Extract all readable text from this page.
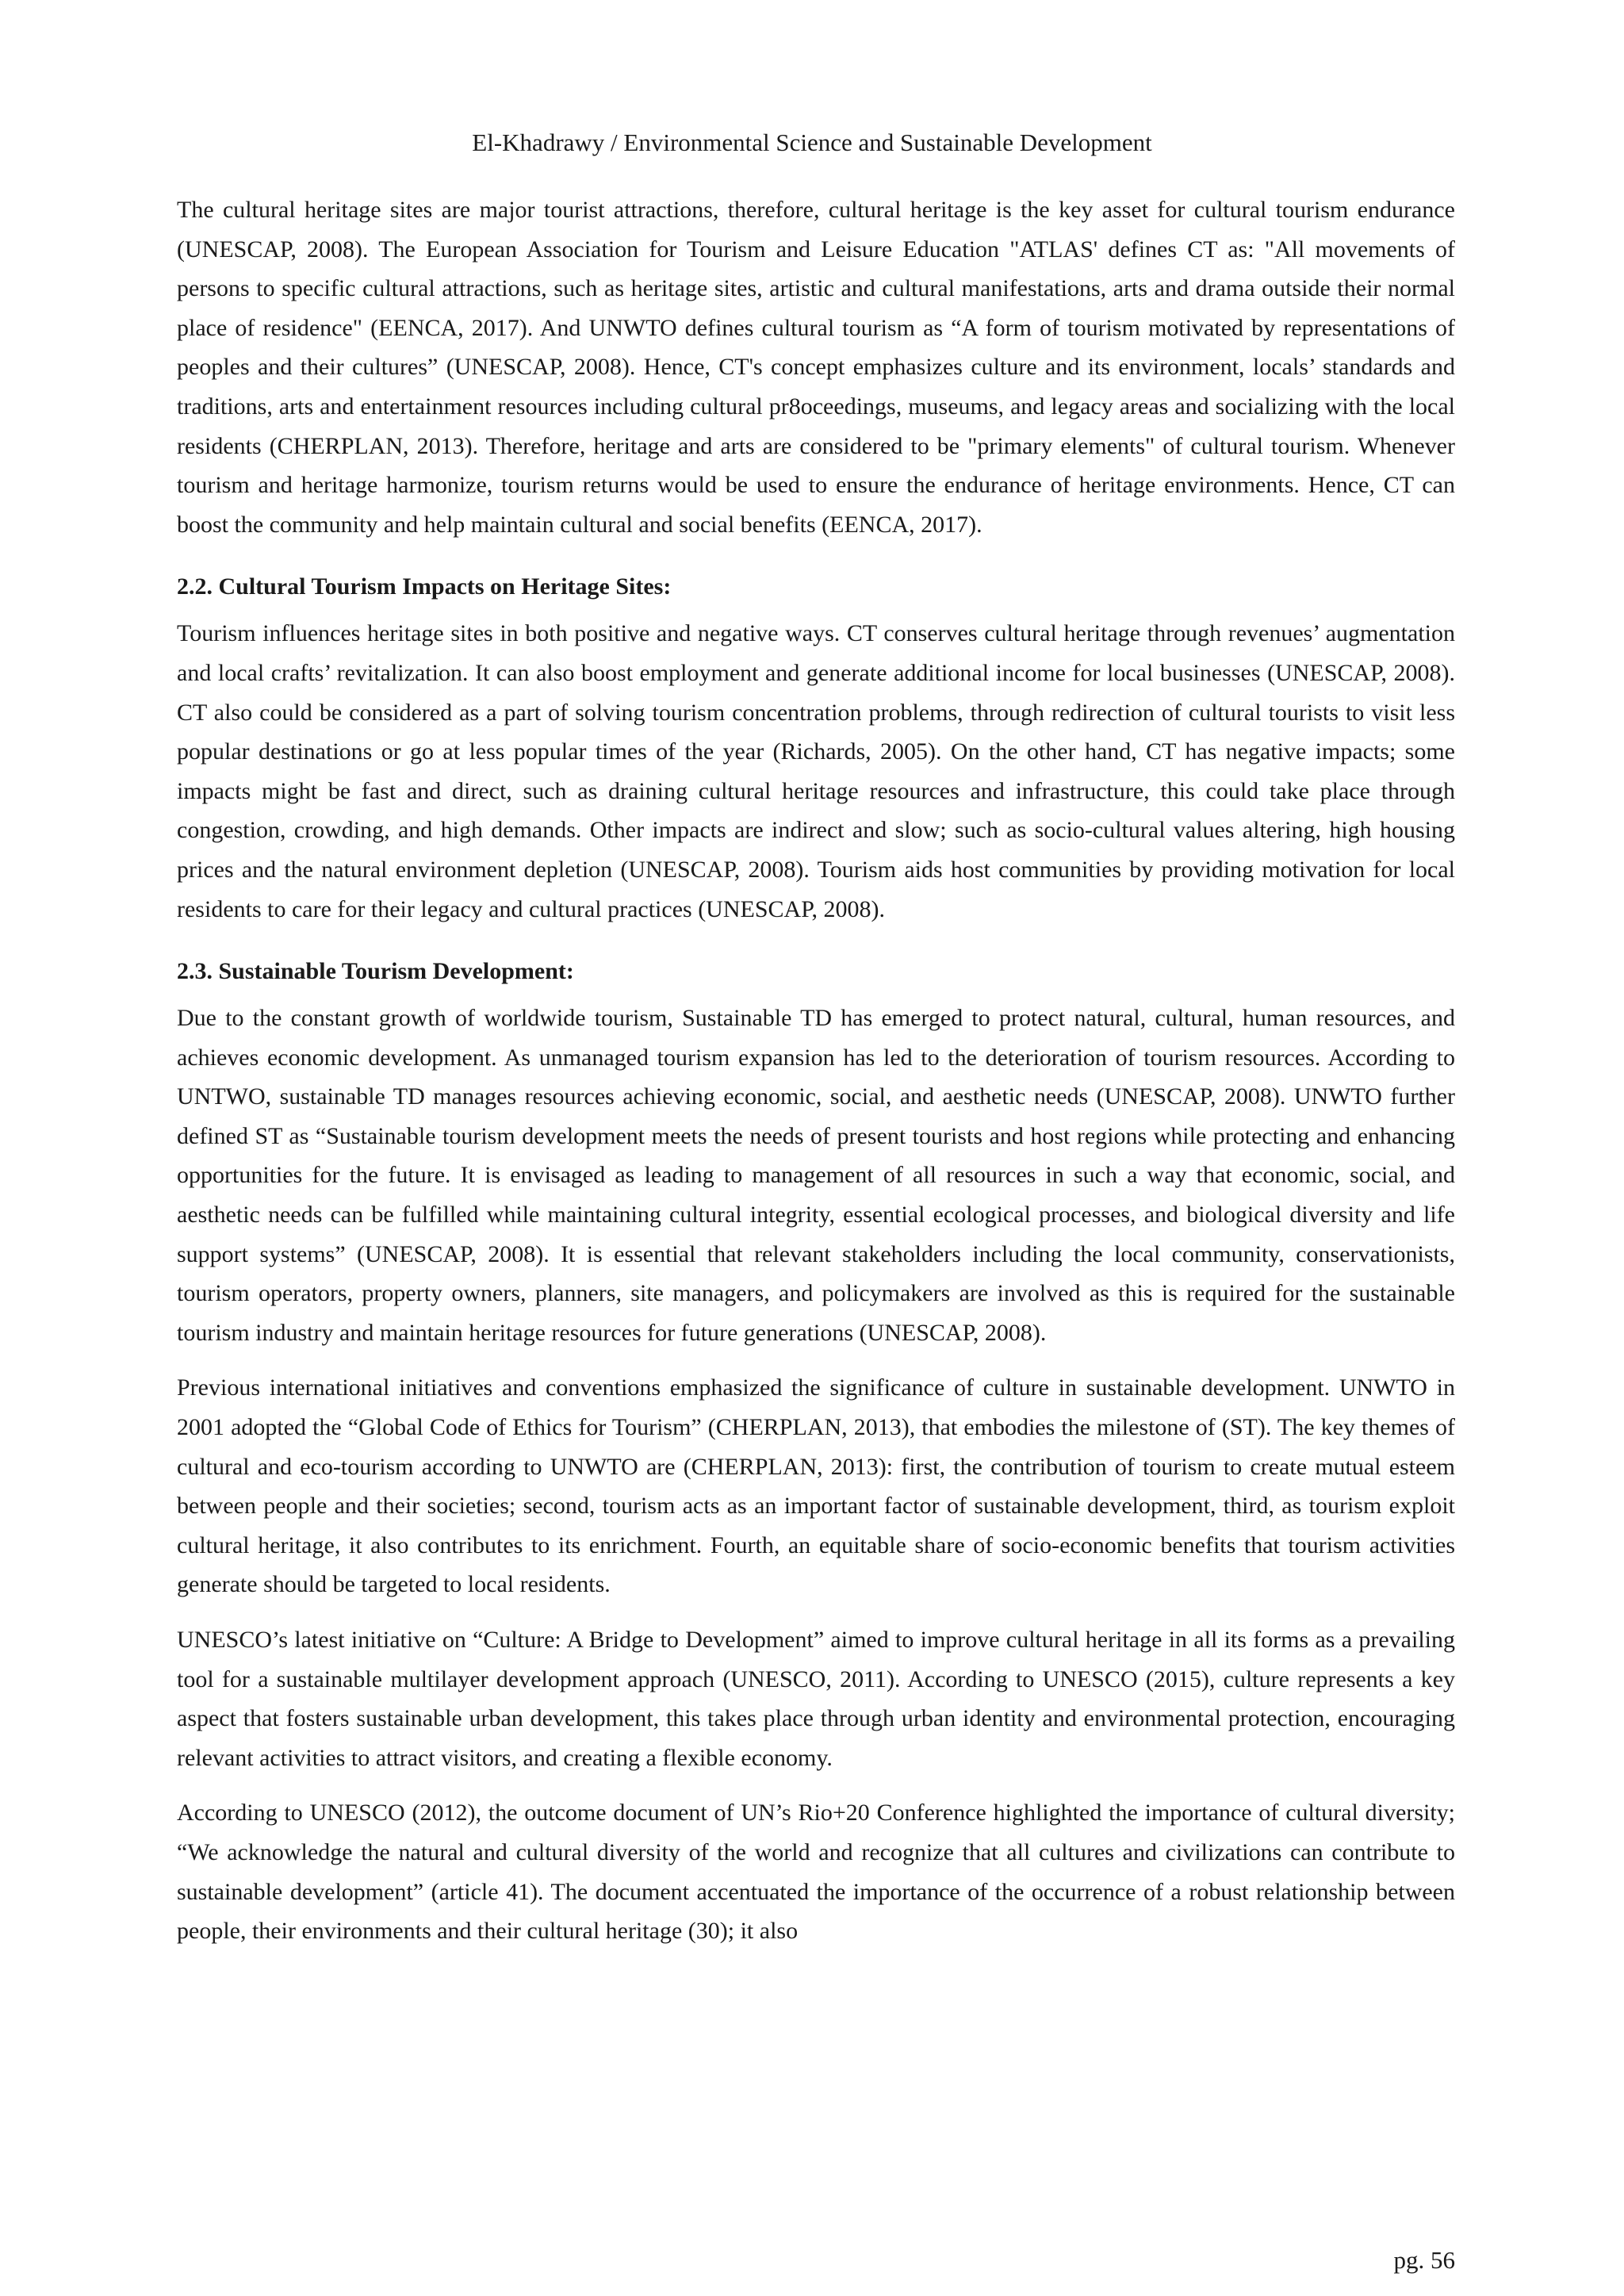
El-Khadrawy / Environmental Science and Sustainable Development

The cultural heritage sites are major tourist attractions, therefore, cultural heritage is the key asset for cultural tourism endurance (UNESCAP, 2008). The European Association for Tourism and Leisure Education "ATLAS' defines CT as: "All movements of persons to specific cultural attractions, such as heritage sites, artistic and cultural manifestations, arts and drama outside their normal place of residence" (EENCA, 2017). And UNWTO defines cultural tourism as “A form of tourism motivated by representations of peoples and their cultures” (UNESCAP, 2008). Hence, CT's concept emphasizes culture and its environment, locals’ standards and traditions, arts and entertainment resources including cultural pr8oceedings, museums, and legacy areas and socializing with the local residents (CHERPLAN, 2013). Therefore, heritage and arts are considered to be "primary elements" of cultural tourism. Whenever tourism and heritage harmonize, tourism returns would be used to ensure the endurance of heritage environments. Hence, CT can boost the community and help maintain cultural and social benefits (EENCA, 2017).

2.2. Cultural Tourism Impacts on Heritage Sites:

Tourism influences heritage sites in both positive and negative ways. CT conserves cultural heritage through revenues’ augmentation and local crafts’ revitalization. It can also boost employment and generate additional income for local businesses (UNESCAP, 2008). CT also could be considered as a part of solving tourism concentration problems, through redirection of cultural tourists to visit less popular destinations or go at less popular times of the year (Richards, 2005). On the other hand, CT has negative impacts; some impacts might be fast and direct, such as draining cultural heritage resources and infrastructure, this could take place through congestion, crowding, and high demands. Other impacts are indirect and slow; such as socio-cultural values altering, high housing prices and the natural environment depletion (UNESCAP, 2008). Tourism aids host communities by providing motivation for local residents to care for their legacy and cultural practices (UNESCAP, 2008).

2.3. Sustainable Tourism Development:

Due to the constant growth of worldwide tourism, Sustainable TD has emerged to protect natural, cultural, human resources, and achieves economic development. As unmanaged tourism expansion has led to the deterioration of tourism resources. According to UNTWO, sustainable TD manages resources achieving economic, social, and aesthetic needs (UNESCAP, 2008). UNWTO further defined ST as “Sustainable tourism development meets the needs of present tourists and host regions while protecting and enhancing opportunities for the future. It is envisaged as leading to management of all resources in such a way that economic, social, and aesthetic needs can be fulfilled while maintaining cultural integrity, essential ecological processes, and biological diversity and life support systems” (UNESCAP, 2008). It is essential that relevant stakeholders including the local community, conservationists, tourism operators, property owners, planners, site managers, and policymakers are involved as this is required for the sustainable tourism industry and maintain heritage resources for future generations (UNESCAP, 2008).

Previous international initiatives and conventions emphasized the significance of culture in sustainable development. UNWTO in 2001 adopted the “Global Code of Ethics for Tourism” (CHERPLAN, 2013), that embodies the milestone of (ST). The key themes of cultural and eco-tourism according to UNWTO are (CHERPLAN, 2013): first, the contribution of tourism to create mutual esteem between people and their societies; second, tourism acts as an important factor of sustainable development, third, as tourism exploit cultural heritage, it also contributes to its enrichment. Fourth, an equitable share of socio-economic benefits that tourism activities generate should be targeted to local residents.

UNESCO’s latest initiative on “Culture: A Bridge to Development” aimed to improve cultural heritage in all its forms as a prevailing tool for a sustainable multilayer development approach (UNESCO, 2011). According to UNESCO (2015), culture represents a key aspect that fosters sustainable urban development, this takes place through urban identity and environmental protection, encouraging relevant activities to attract visitors, and creating a flexible economy.

According to UNESCO (2012), the outcome document of UN’s Rio+20 Conference highlighted the importance of cultural diversity; “We acknowledge the natural and cultural diversity of the world and recognize that all cultures and civilizations can contribute to sustainable development” (article 41). The document accentuated the importance of the occurrence of a robust relationship between people, their environments and their cultural heritage (30); it also

pg. 56
